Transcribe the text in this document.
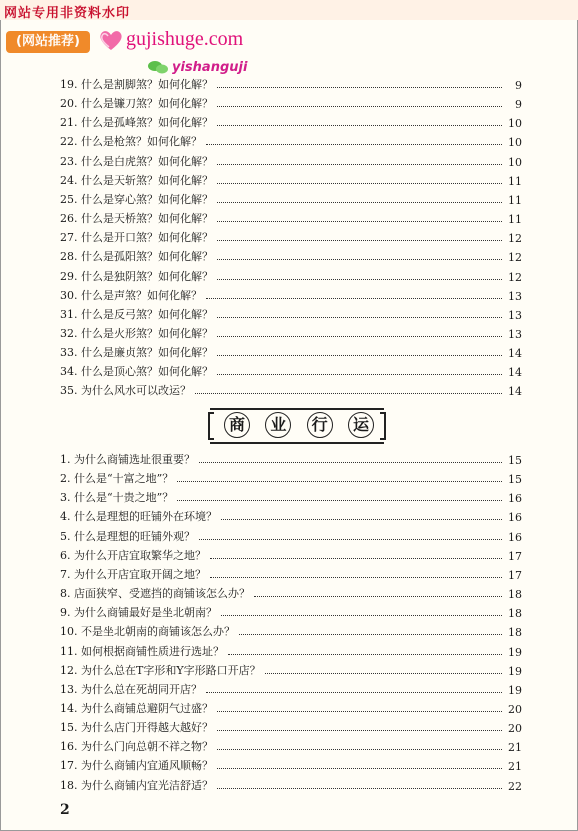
网站专用非资料水印
(网站推荐)	gujishuge.com
yishanguji
19. 什么是割脚煞？如何化解？	9
20. 什么是镰刀煞？如何化解？	9
21. 什么是孤峰煞？如何化解？	10
22. 什么是枪煞？如何化解？	10
23. 什么是白虎煞？如何化解？	10
24. 什么是天斩煞？如何化解？	11
25. 什么是穿心煞？如何化解？	11
26. 什么是天桥煞？如何化解？	11
27. 什么是开口煞？如何化解？	12
28. 什么是孤阳煞？如何化解？	12
29. 什么是独阴煞？如何化解？	12
30. 什么是声煞？如何化解？	13
31. 什么是反弓煞？如何化解？	13
32. 什么是火形煞？如何化解？	13
33. 什么是廉贞煞？如何化解？	14
34. 什么是顶心煞？如何化解？	14
35. 为什么风水可以改运？	14
1. 为什么商铺选址很重要？	15
2. 什么是“十富之地”？	15
3. 什么是“十贵之地”？	16
4. 什么是理想的旺铺外在环境？	16
5. 什么是理想的旺铺外观？	16
6. 为什么开店宜取繁华之地？	17
7. 为什么开店宜取开阔之地？	17
8. 店面狭窄、受遮挡的商铺该怎么办？	18
9. 为什么商铺最好是坐北朝南？	18
10. 不是坐北朝南的商铺该怎么办？	18
11. 如何根据商铺性质进行选址？	19
12. 为什么总在T字形和Y字形路口开店？	19
13. 为什么总在死胡同开店？	19
14. 为什么商铺总避阴气过盛？	20
15. 为什么店门开得越大越好？	20
16. 为什么门向总朝不祥之物？	21
17. 为什么商铺内宜通风顺畅？	21
18. 为什么商铺内宜光洁舒适？	22
商	业	行	运
2
